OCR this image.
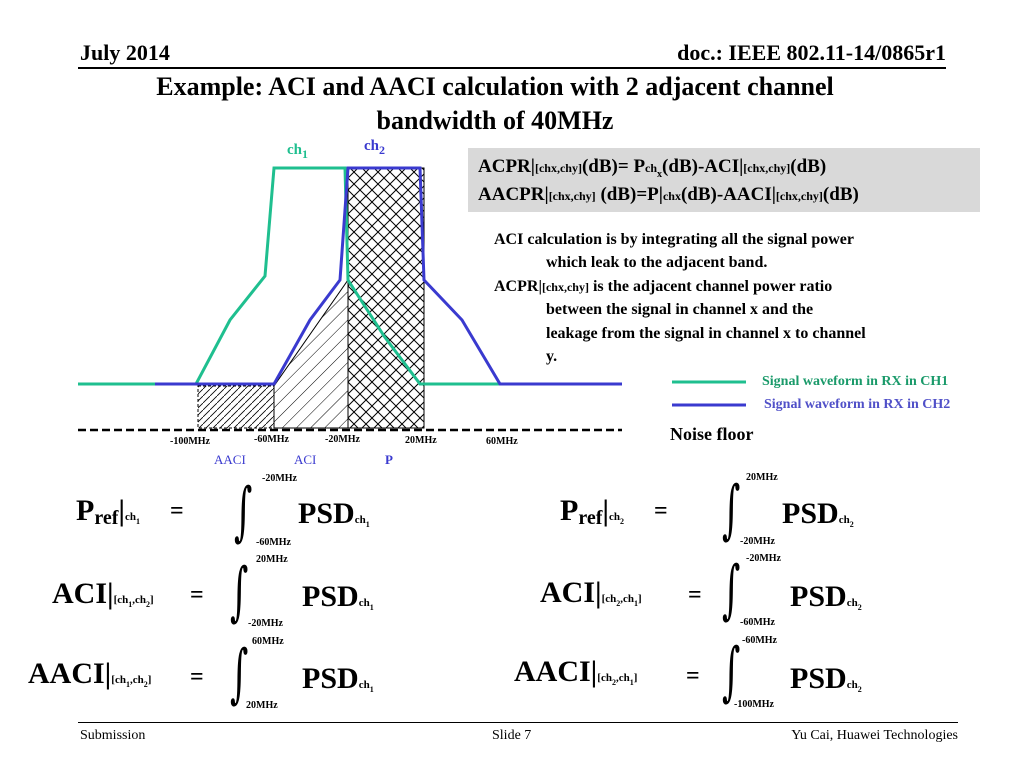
July 2014	doc.: IEEE 802.11-14/0865r1
Example: ACI and AACI calculation with 2 adjacent channel
bandwidth of 40MHz
$ch_1$	$ch_2$
-100MHz	-60MHz	-20MHz	20MHz	60MHz
AACI	ACI	P
ACPR|[chx,chy](dB)= Pch$_x$(dB)-ACI|[chx,chy](dB)
AACPR|[chx,chy] (dB)=P|chx(dB)-AACI|[chx,chy](dB)
ACI calculation is by integrating all the signal power
which leak to the adjacent band.
ACPR|[chx,chy] is the adjacent channel power ratio
between the signal in channel x and the
leakage from the signal in channel x to channel
y.
Signal waveform in RX in CH1
Signal waveform in RX in CH2
Noise floor
$P_{ref}|ch_1$ = ∫ -20MHz
-60MHz
PSDch$_1$
$ACI|[ch_1,ch_2]$ = ∫ 20MHz
-20MHz
PSDch$_1$
$AACI|[ch_1,ch_2]$ = ∫ 60MHz
20MHz
PSDch$_1$
$P_{ref}|ch_2$ = ∫ 20MHz
-20MHz
PSDch$_2$
$ACI|[ch_2,ch_1]$ = ∫ -20MHz
-60MHz
PSDch$_2$
$AACI|[ch_2,ch_1]$ = ∫ -60MHz
-100MHz
PSDch$_2$
Submission	Slide 7	Yu Cai, Huawei Technologies
